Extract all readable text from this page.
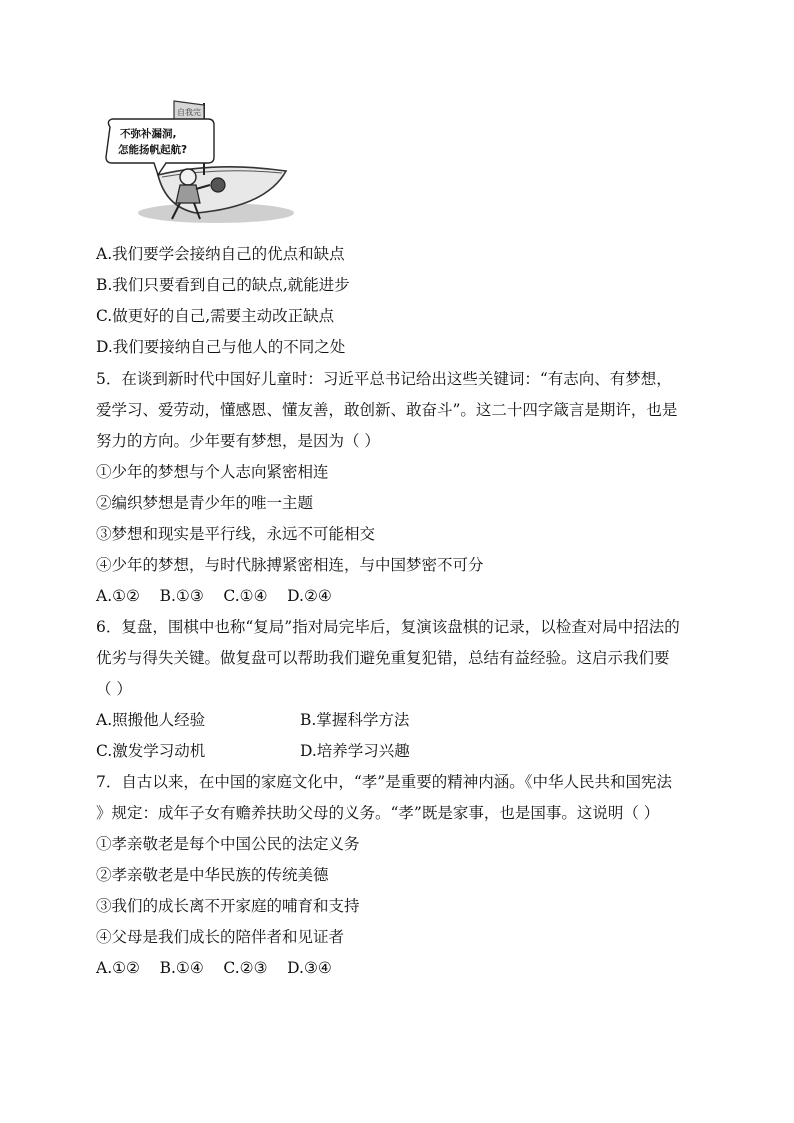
自我完
不弥补漏洞,
怎能扬帆起航?
A.我们要学会接纳自己的优点和缺点
B.我们只要看到自己的缺点,就能进步
C.做更好的自己,需要主动改正缺点
D.我们要接纳自己与他人的不同之处
5．在谈到新时代中国好儿童时：习近平总书记给出这些关键词：“有志向、有梦想，
爱学习、爱劳动，懂感恩、懂友善，敢创新、敢奋斗”。这二十四字箴言是期许，也是
努力的方向。少年要有梦想，是因为（ ）
①少年的梦想与个人志向紧密相连
②编织梦想是青少年的唯一主题
③梦想和现实是平行线，永远不可能相交
④少年的梦想，与时代脉搏紧密相连，与中国梦密不可分
A.①②    B.①③    C.①④    D.②④
6．复盘，围棋中也称“复局”指对局完毕后，复演该盘棋的记录，以检查对局中招法的
优劣与得失关键。做复盘可以帮助我们避免重复犯错，总结有益经验。这启示我们要
（ ）
A.照搬他人经验	B.掌握科学方法
C.激发学习动机	D.培养学习兴趣
7．自古以来，在中国的家庭文化中，“孝”是重要的精神内涵。《中华人民共和国宪法
》规定：成年子女有赡养扶助父母的义务。“孝”既是家事，也是国事。这说明（ ）
①孝亲敬老是每个中国公民的法定义务
②孝亲敬老是中华民族的传统美德
③我们的成长离不开家庭的哺育和支持
④父母是我们成长的陪伴者和见证者
A.①②    B.①④    C.②③    D.③④
